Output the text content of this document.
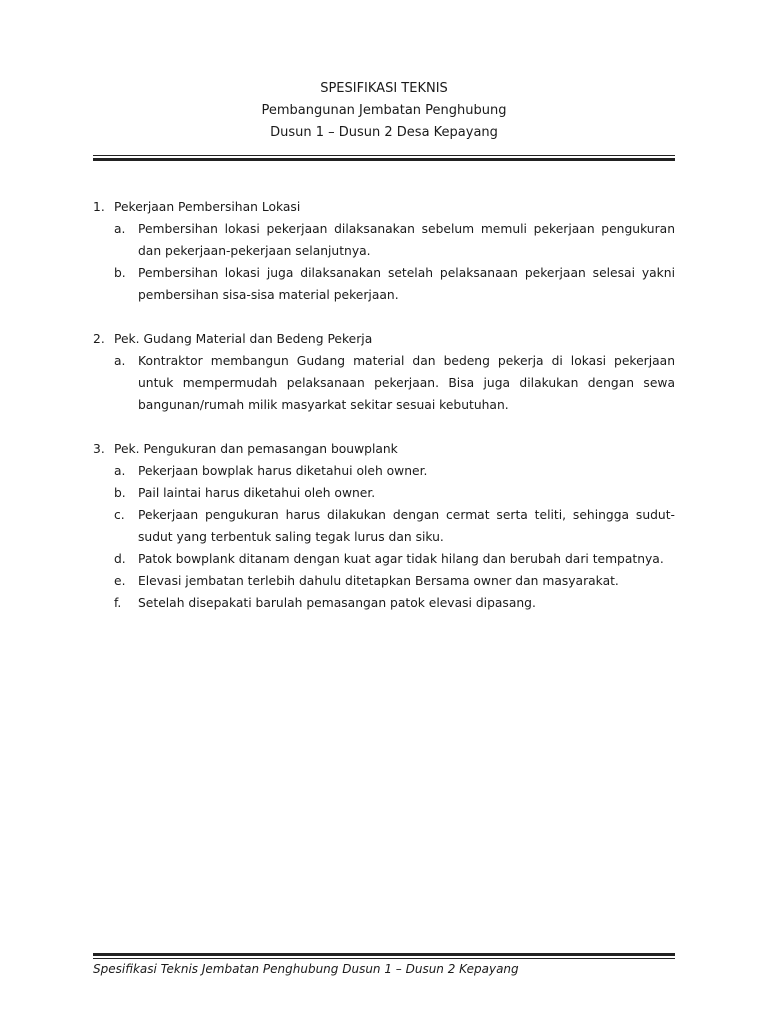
SPESIFIKASI TEKNIS
Pembangunan Jembatan Penghubung
Dusun 1 – Dusun 2 Desa Kepayang
1. Pekerjaan Pembersihan Lokasi
a.	Pembersihan lokasi pekerjaan dilaksanakan sebelum memuli pekerjaan pengukuran dan pekerjaan-pekerjaan selanjutnya.
b. Pembersihan lokasi juga dilaksanakan setelah pelaksanaan pekerjaan selesai yakni pembersihan sisa-sisa material pekerjaan.
2. Pek. Gudang Material dan Bedeng Pekerja
a.	Kontraktor membangun Gudang material dan bedeng pekerja di lokasi pekerjaan untuk mempermudah pelaksanaan pekerjaan. Bisa juga dilakukan dengan sewa bangunan/rumah milik masyarkat sekitar sesuai kebutuhan.
3. Pek. Pengukuran dan pemasangan bouwplank
a.	Pekerjaan bowplak harus diketahui oleh owner.
b. Pail laintai harus diketahui oleh owner.
c.	Pekerjaan pengukuran harus dilakukan dengan cermat serta teliti, sehingga sudut-sudut yang terbentuk saling tegak lurus dan siku.
d. Patok bowplank ditanam dengan kuat agar tidak hilang dan berubah dari tempatnya.
e.	Elevasi jembatan terlebih dahulu ditetapkan Bersama owner dan masyarakat.
f.	Setelah disepakati barulah pemasangan patok elevasi dipasang.
Spesifikasi Teknis Jembatan Penghubung Dusun 1 – Dusun 2 Kepayang
